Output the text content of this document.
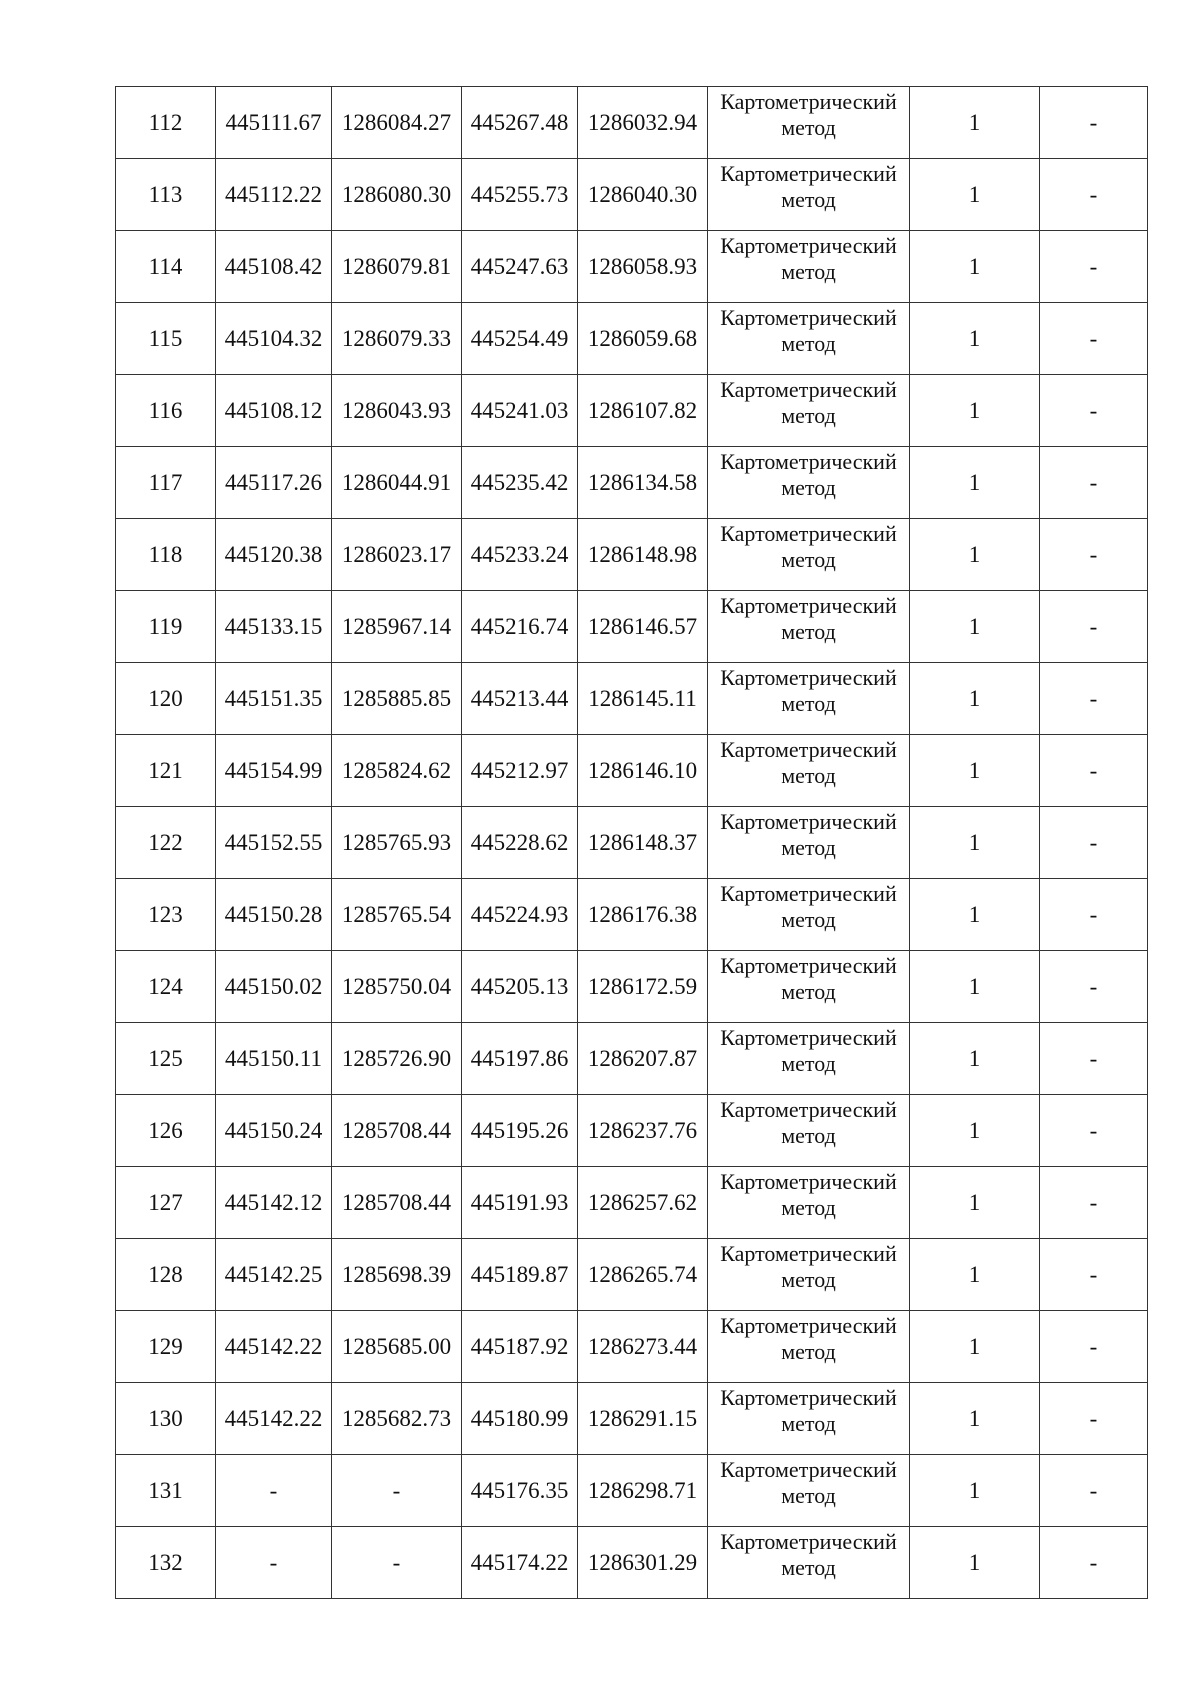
112	445111.67	1286084.27	445267.48	1286032.94	Картометрический метод	1	-
113	445112.22	1286080.30	445255.73	1286040.30	Картометрический метод	1	-
114	445108.42	1286079.81	445247.63	1286058.93	Картометрический метод	1	-
115	445104.32	1286079.33	445254.49	1286059.68	Картометрический метод	1	-
116	445108.12	1286043.93	445241.03	1286107.82	Картометрический метод	1	-
117	445117.26	1286044.91	445235.42	1286134.58	Картометрический метод	1	-
118	445120.38	1286023.17	445233.24	1286148.98	Картометрический метод	1	-
119	445133.15	1285967.14	445216.74	1286146.57	Картометрический метод	1	-
120	445151.35	1285885.85	445213.44	1286145.11	Картометрический метод	1	-
121	445154.99	1285824.62	445212.97	1286146.10	Картометрический метод	1	-
122	445152.55	1285765.93	445228.62	1286148.37	Картометрический метод	1	-
123	445150.28	1285765.54	445224.93	1286176.38	Картометрический метод	1	-
124	445150.02	1285750.04	445205.13	1286172.59	Картометрический метод	1	-
125	445150.11	1285726.90	445197.86	1286207.87	Картометрический метод	1	-
126	445150.24	1285708.44	445195.26	1286237.76	Картометрический метод	1	-
127	445142.12	1285708.44	445191.93	1286257.62	Картометрический метод	1	-
128	445142.25	1285698.39	445189.87	1286265.74	Картометрический метод	1	-
129	445142.22	1285685.00	445187.92	1286273.44	Картометрический метод	1	-
130	445142.22	1285682.73	445180.99	1286291.15	Картометрический метод	1	-
131	-	-	445176.35	1286298.71	Картометрический метод	1	-
132	-	-	445174.22	1286301.29	Картометрический метод	1	-
